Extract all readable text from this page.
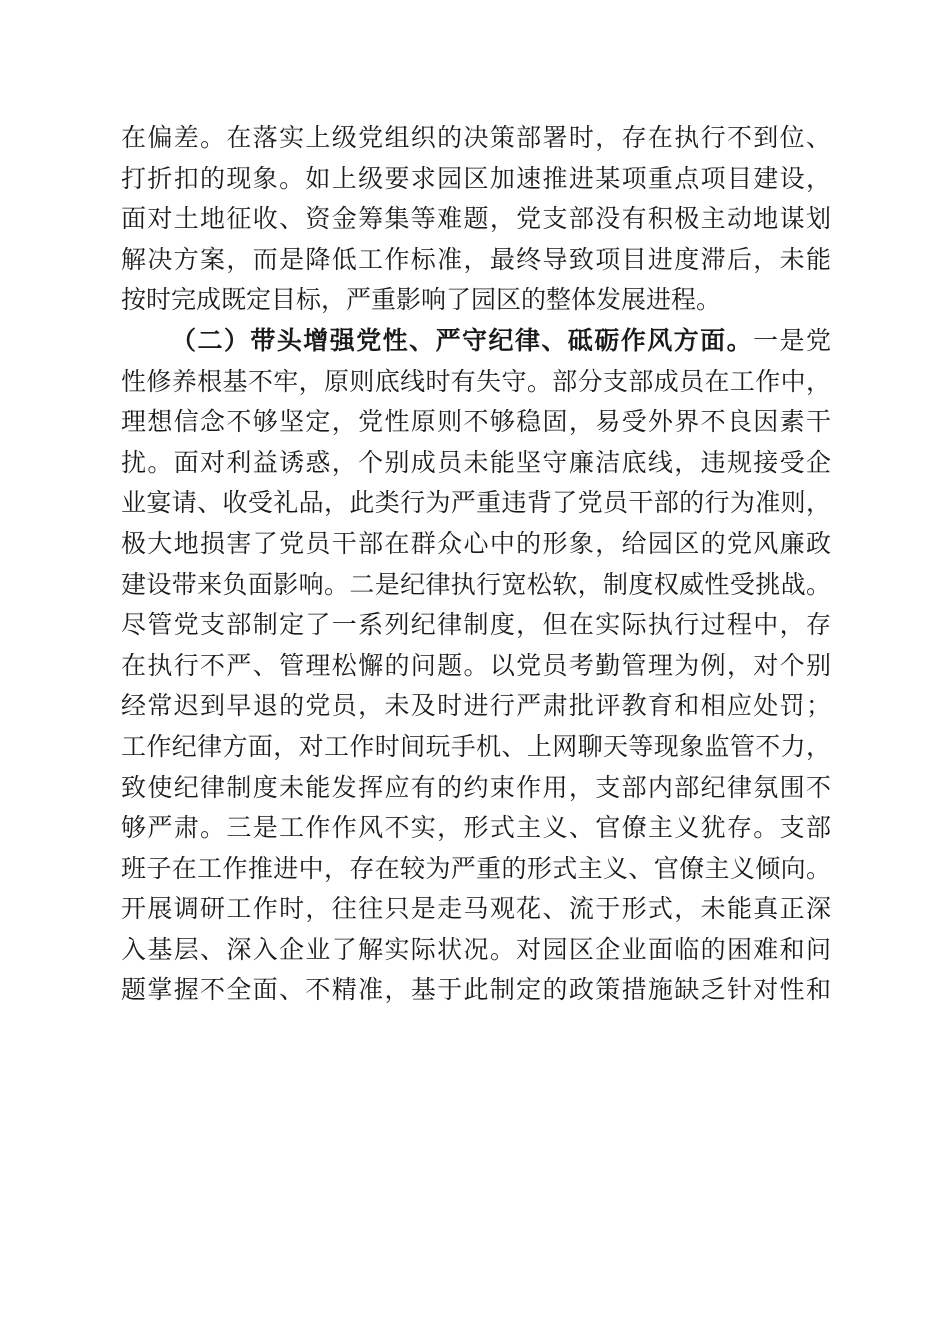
在偏差。在落实上级党组织的决策部署时，存在执行不到位、
打折扣的现象。如上级要求园区加速推进某项重点项目建设，
面对土地征收、资金筹集等难题，党支部没有积极主动地谋划
解决方案，而是降低工作标准，最终导致项目进度滞后，未能
按时完成既定目标，严重影响了园区的整体发展进程。
（二）带头增强党性、严守纪律、砥砺作风方面。一是党
性修养根基不牢，原则底线时有失守。部分支部成员在工作中，
理想信念不够坚定，党性原则不够稳固，易受外界不良因素干
扰。面对利益诱惑，个别成员未能坚守廉洁底线，违规接受企
业宴请、收受礼品，此类行为严重违背了党员干部的行为准则，
极大地损害了党员干部在群众心中的形象，给园区的党风廉政
建设带来负面影响。二是纪律执行宽松软，制度权威性受挑战。
尽管党支部制定了一系列纪律制度，但在实际执行过程中，存
在执行不严、管理松懈的问题。以党员考勤管理为例，对个别
经常迟到早退的党员，未及时进行严肃批评教育和相应处罚；
工作纪律方面，对工作时间玩手机、上网聊天等现象监管不力，
致使纪律制度未能发挥应有的约束作用，支部内部纪律氛围不
够严肃。三是工作作风不实，形式主义、官僚主义犹存。支部
班子在工作推进中，存在较为严重的形式主义、官僚主义倾向。
开展调研工作时，往往只是走马观花、流于形式，未能真正深
入基层、深入企业了解实际状况。对园区企业面临的困难和问
题掌握不全面、不精准，基于此制定的政策措施缺乏针对性和
